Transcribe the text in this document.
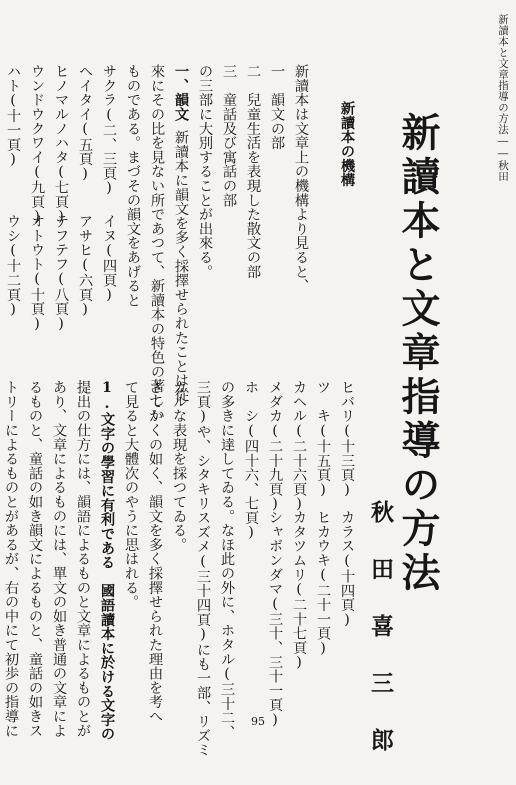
新讀本と文章指導の方法――秋田
新讀本と文章指導の方法
秋田喜三郎
新讀本の機構
新讀本は文章上の機構より見ると、
一　韻文の部
二　兒童生活を表現した散文の部
三　童話及び寓話の部
の三部に大別することが出來る。
一、韻文
新讀本に韻文を多く採擇せられたことは從
來にその比を見ない所であつて、新讀本の特色の著しい
ものである。まづその韻文をあげると
サクラ(二、三頁)
イヌ(四頁)
ヘイタイ(五頁)
アサヒ(六頁)
ヒノマルノハタ(七頁)
テフテフ(八頁)
ウンドウクワイ(九頁)
オトウト(十頁)
ハト(十一頁)
ウシ(十二頁)
ヒバリ(十三頁)
カラス(十四頁)
ツ　キ(十五頁)
ヒカウキ(二十一頁)
カヘル(二十六頁)
カタツムリ(二十七頁)
メダカ(二十九頁)
シャボンダマ(三十、三十一頁)
ホ　シ(四十六、七頁)
の多きに達してゐる。なほ此の外に、ホタル(三十二、
三頁)や、シタキリスズメ(三十四頁)にも一部、リズミ
カルな表現を採つてゐる。
さてかくの如く、韻文を多く採擇せられた理由を考へ
て見ると大體次のやうに思はれる。
1.文字の學習に有利である　國語讀本に於ける文字の
提出の仕方には、韻語によるものと文章によるものとが
あり、文章によるものには、單文の如き普通の文章によ
るものと、童話の如き韻文によるものと、童話の如きス
トリーによるものとがあるが、右の中にて初歩の指導に	95
